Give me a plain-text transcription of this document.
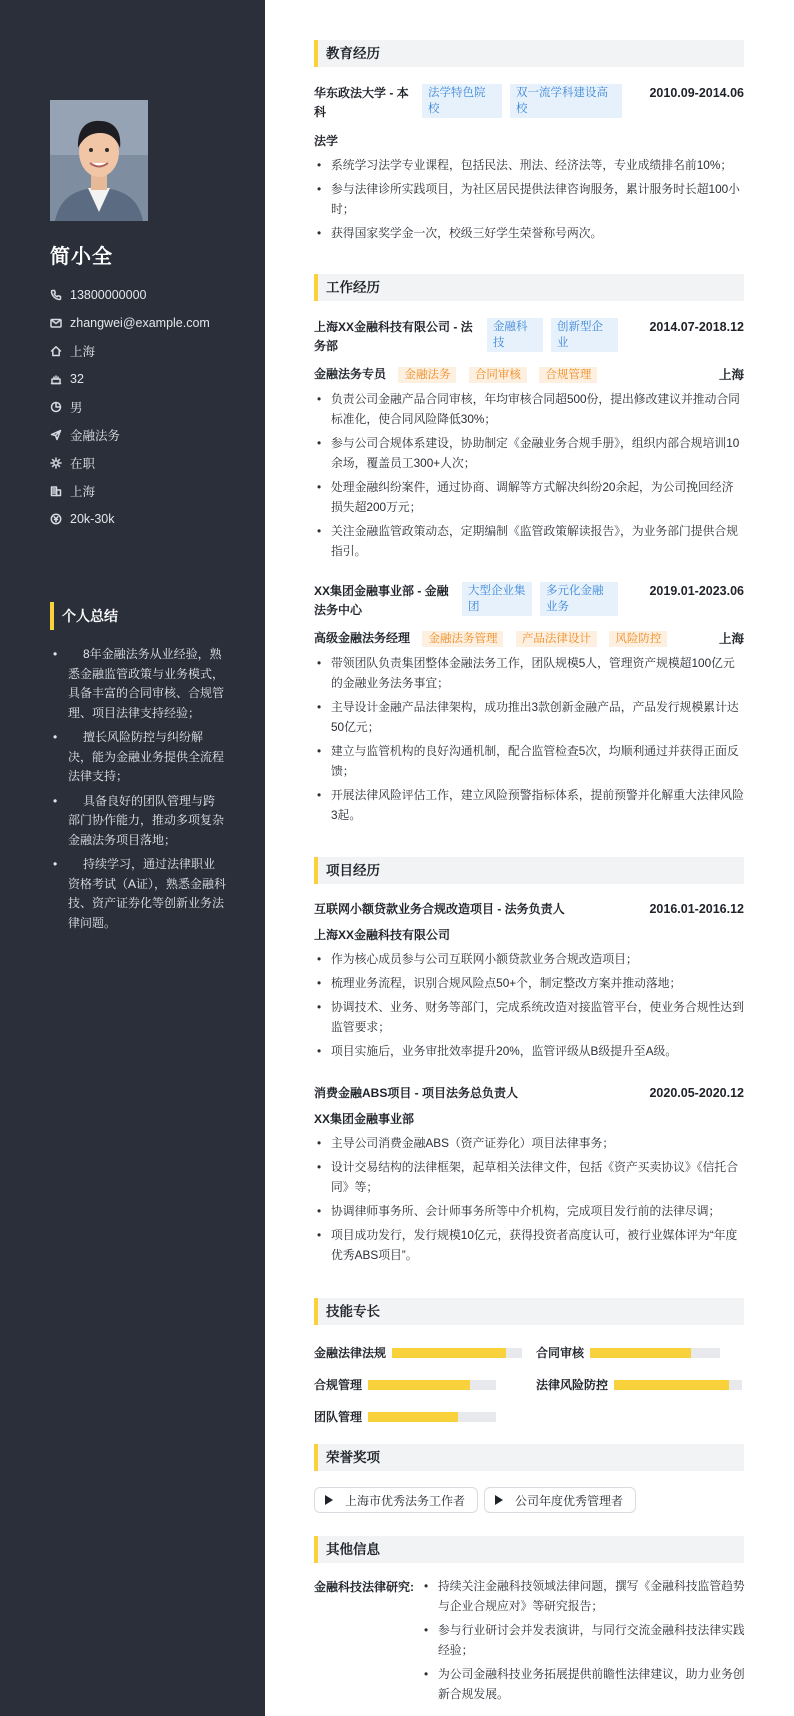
简小全
13800000000
zhangwei@example.com
上海
32
男
金融法务
在职
上海
20k-30k
个人总结
• 8年金融法务从业经验，熟悉金融监管政策与业务模式，具备丰富的合同审核、合规管理、项目法律支持经验；
• 擅长风险防控与纠纷解决，能为金融业务提供全流程法律支持；
• 具备良好的团队管理与跨部门协作能力，推动多项复杂金融法务项目落地；
• 持续学习，通过法律职业资格考试（A证），熟悉金融科技、资产证券化等创新业务法律问题。
教育经历
华东政法大学 - 本科
法学特色院校
双一流学科建设高校
2010.09-2014.06
法学
• 系统学习法学专业课程，包括民法、刑法、经济法等，专业成绩排名前10%；
• 参与法律诊所实践项目，为社区居民提供法律咨询服务，累计服务时长超100小时；
• 获得国家奖学金一次，校级三好学生荣誉称号两次。
工作经历
上海XX金融科技有限公司 - 法务部
金融科技
创新型企业
2014.07-2018.12
金融法务专员 金融法务 合同审核 合规管理	上海
• 负责公司金融产品合同审核，年均审核合同超500份，提出修改建议并推动合同标准化，使合同风险降低30%；
• 参与公司合规体系建设，协助制定《金融业务合规手册》，组织内部合规培训10余场，覆盖员工300+人次；
• 处理金融纠纷案件，通过协商、调解等方式解决纠纷20余起，为公司挽回经济损失超200万元；
• 关注金融监管政策动态，定期编制《监管政策解读报告》，为业务部门提供合规指引。
XX集团金融事业部 - 金融法务中心
大型企业集团
多元化金融业务
2019.01-2023.06
高级金融法务经理 金融法务管理 产品法律设计 风险防控	上海
• 带领团队负责集团整体金融法务工作，团队规模5人，管理资产规模超100亿元的金融业务法务事宜；
• 主导设计金融产品法律架构，成功推出3款创新金融产品，产品发行规模累计达50亿元；
• 建立与监管机构的良好沟通机制，配合监管检查5次，均顺利通过并获得正面反馈；
• 开展法律风险评估工作，建立风险预警指标体系，提前预警并化解重大法律风险3起。
项目经历
互联网小额贷款业务合规改造项目 - 法务负责人	2016.01-2016.12
上海XX金融科技有限公司
• 作为核心成员参与公司互联网小额贷款业务合规改造项目；
• 梳理业务流程，识别合规风险点50+个，制定整改方案并推动落地；
• 协调技术、业务、财务等部门，完成系统改造对接监管平台，使业务合规性达到监管要求；
• 项目实施后，业务审批效率提升20%，监管评级从B级提升至A级。
消费金融ABS项目 - 项目法务总负责人	2020.05-2020.12
XX集团金融事业部
• 主导公司消费金融ABS（资产证券化）项目法律事务；
• 设计交易结构的法律框架，起草相关法律文件，包括《资产买卖协议》《信托合同》等；
• 协调律师事务所、会计师事务所等中介机构，完成项目发行前的法律尽调；
• 项目成功发行，发行规模10亿元，获得投资者高度认可，被行业媒体评为“年度优秀ABS项目”。
技能专长
金融法律法规	合同审核
合规管理	法律风险防控
团队管理
荣誉奖项
上海市优秀法务工作者	公司年度优秀管理者
其他信息
金融科技法律研究:
•	持续关注金融科技领域法律问题，撰写《金融科技监管趋势与企业合规应对》等研究报告；
• 参与行业研讨会并发表演讲，与同行交流金融科技法律实践经验；
• 为公司金融科技业务拓展提供前瞻性法律建议，助力业务创新合规发展。
